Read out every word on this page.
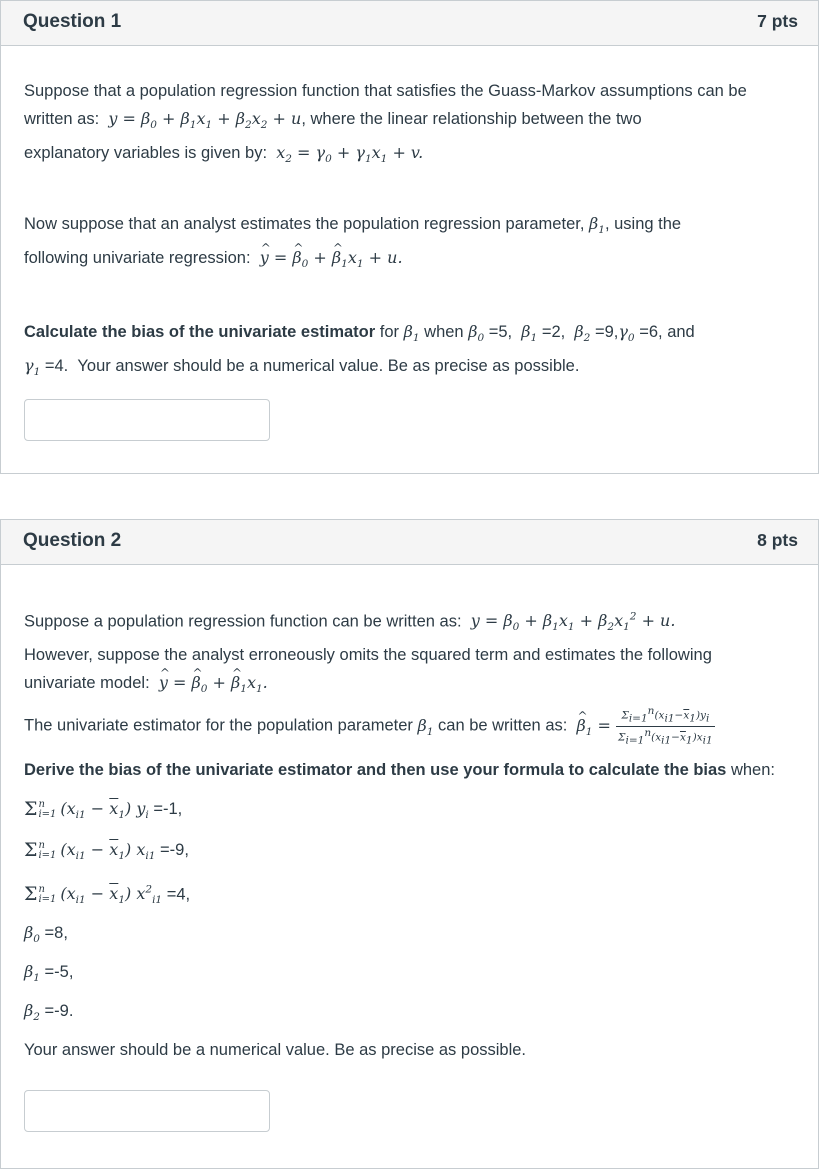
Question 1	7 pts
Suppose that a population regression function that satisfies the Guass-Markov assumptions can be
written as: $y = \beta_0 + \beta_1x_1 + \beta_2x_2 + u$, where the linear relationship between the two
explanatory variables is given by: $x_2 = \gamma_0 + \gamma_1x_1 + v$.
Now suppose that an analyst estimates the population regression parameter, $\beta_1$, using the
following univariate regression: ^ y = ^ $\beta_0$ + ^ $\beta_1x_1 + u$.
Calculate the bias of the univariate estimator for $\beta_1$ when $\beta_0 =5$, $\beta_1 =2$, $\beta_2 =9,\gamma_0 =6$, and
$\gamma_1 =4$. Your answer should be a numerical value. Be as precise as possible.
Question 2	8 pts
Suppose a population regression function can be written as: $y = \beta_0 + \beta_1x_1 + \beta_2x_1^2 + u$.
However, suppose the analyst erroneously omits the squared term and estimates the following
univariate model: ^ y = ^ $\beta_0$ + ^ $\beta_1x_1$.
The univariate estimator for the population parameter $\beta_1$ can be written as: ^ $\beta_1 = \frac{\Sigma_{i=1}^n(x_{i1}-\overline{x}_1)y_i}{\Sigma_{i=1}^n(x_{i1}-\overline{x}_1)x_{i1}}$
Derive the bias of the univariate estimator and then use your formula to calculate the bias when:
Σ n
i=1 $(x_{i1} - \overline{x}_1)$ $y_i =-1$,
Σ n
i=1 $(x_{i1} - \overline{x}_1)$ $x_{i1} =-9$,
Σ n
i=1 $(x_{i1} - \overline{x}_1)$ $x^2_{i1} =4$,
$\beta_0 =8$,
$\beta_1 =-5$,
$\beta_2 =-9$.
Your answer should be a numerical value. Be as precise as possible.
